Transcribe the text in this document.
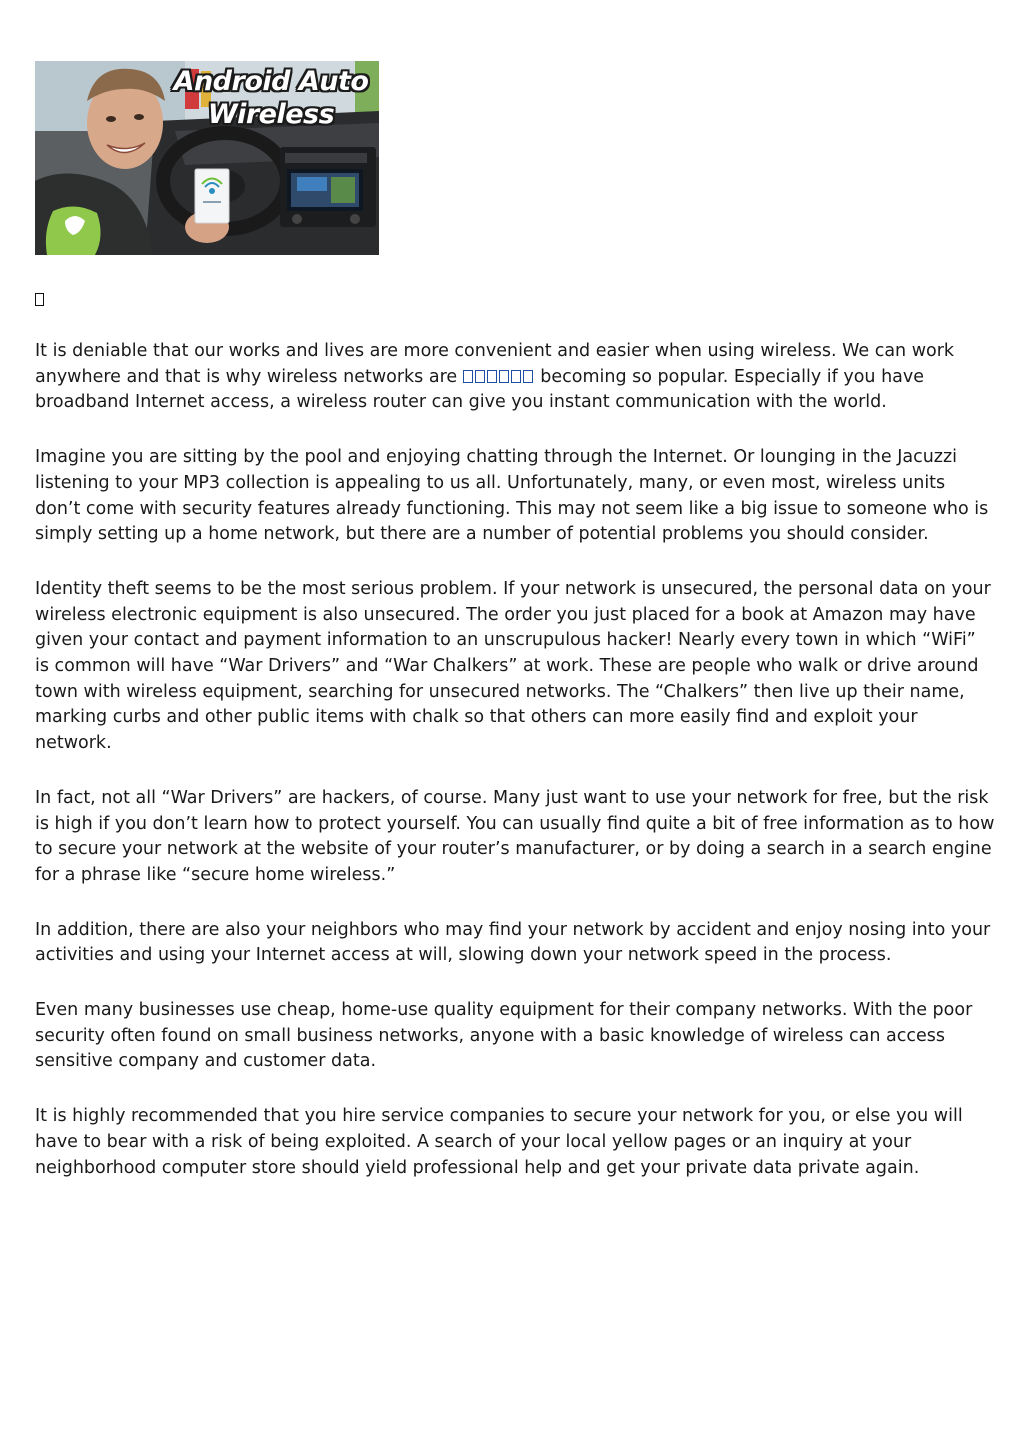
Android Auto
Wireless

It is deniable that our works and lives are more convenient and easier when using wireless. We can work anywhere and that is why wireless networks are	becoming so popular. Especially if you have broadband Internet access, a wireless router can give you instant communication with the world.

Imagine you are sitting by the pool and enjoying chatting through the Internet. Or lounging in the Jacuzzi listening to your MP3 collection is appealing to us all. Unfortunately, many, or even most, wireless units don’t come with security features already functioning. This may not seem like a big issue to someone who is simply setting up a home network, but there are a number of potential problems you should consider.

Identity theft seems to be the most serious problem. If your network is unsecured, the personal data on your wireless electronic equipment is also unsecured. The order you just placed for a book at Amazon may have given your contact and payment information to an unscrupulous hacker! Nearly every town in which “WiFi” is common will have “War Drivers” and “War Chalkers” at work. These are people who walk or drive around town with wireless equipment, searching for unsecured networks. The “Chalkers” then live up their name, marking curbs and other public items with chalk so that others can more easily find and exploit your network.

In fact, not all “War Drivers” are hackers, of course. Many just want to use your network for free, but the risk is high if you don’t learn how to protect yourself. You can usually find quite a bit of free information as to how to secure your network at the website of your router’s manufacturer, or by doing a search in a search engine for a phrase like “secure home wireless.”

In addition, there are also your neighbors who may find your network by accident and enjoy nosing into your activities and using your Internet access at will, slowing down your network speed in the process.

Even many businesses use cheap, home-use quality equipment for their company networks. With the poor security often found on small business networks, anyone with a basic knowledge of wireless can access sensitive company and customer data.

It is highly recommended that you hire service companies to secure your network for you, or else you will have to bear with a risk of being exploited. A search of your local yellow pages or an inquiry at your neighborhood computer store should yield professional help and get your private data private again.
